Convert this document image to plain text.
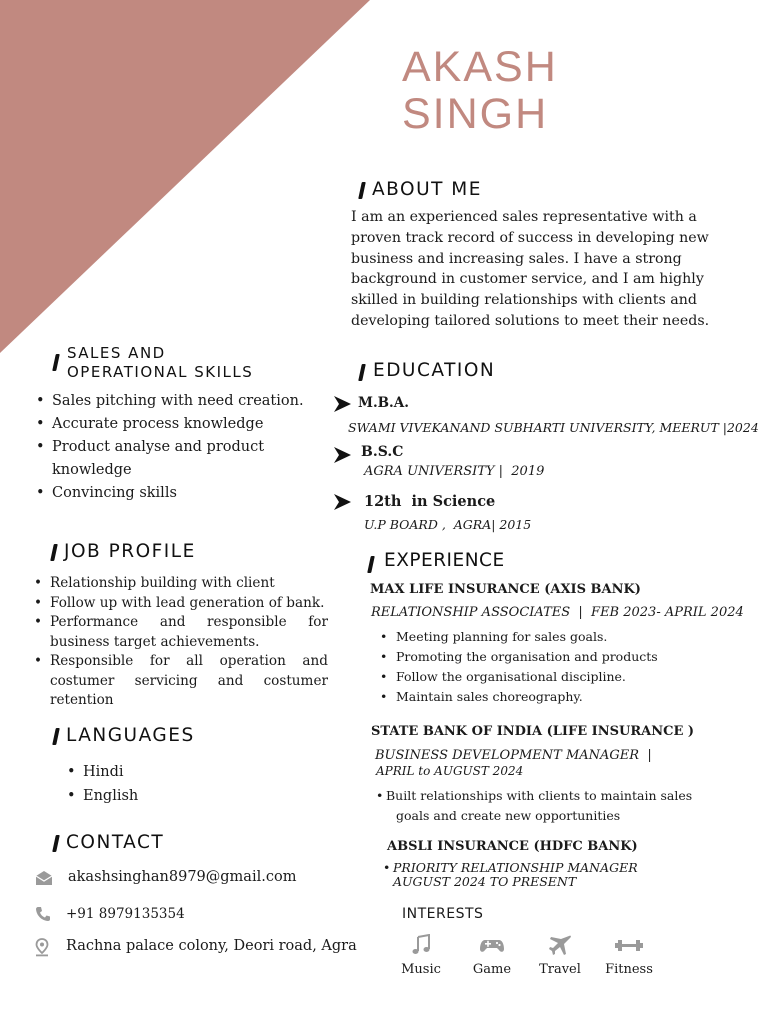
AKASH
SINGH
ABOUT ME
I am an experienced sales representative with a
proven track record of success in developing new
business and increasing sales. I have a strong
background in customer service, and I am highly
skilled in building relationships with clients and
developing tailored solutions to meet their needs.
SALES AND
OPERATIONAL SKILLS
• Sales pitching with need creation.
• Accurate process knowledge
• Product analyse and product knowledge
• Convincing skills
JOB PROFILE
• Relationship building with client
• Follow up with lead generation of bank.
• Performance and responsible for business target achievements.
• Responsible for all operation and costumer servicing and costumer retention
LANGUAGES
• Hindi
• English
CONTACT
akashsinghan8979@gmail.com
+91 8979135354
Rachna palace colony, Deori road, Agra
EDUCATION
M.B.A.
SWAMI VIVEKANAND SUBHARTI UNIVERSITY, MEERUT |2024
B.S.C
AGRA UNIVERSITY |  2019
12th  in Science
U.P BOARD ,  AGRA| 2015
EXPERIENCE
MAX LIFE INSURANCE (AXIS BANK)
RELATIONSHIP ASSOCIATES  |  FEB 2023- APRIL 2024
• Meeting planning for sales goals.
• Promoting the organisation and products
• Follow the organisational discipline.
• Maintain sales choreography.
STATE BANK OF INDIA (LIFE INSURANCE )
BUSINESS DEVELOPMENT MANAGER  |
APRIL to AUGUST 2024
• Built relationships with clients to maintain sales
goals and create new opportunities
ABSLI INSURANCE (HDFC BANK)
• PRIORITY RELATIONSHIP MANAGER
AUGUST 2024 TO PRESENT
INTERESTS
Music	Game	Travel	Fitness
